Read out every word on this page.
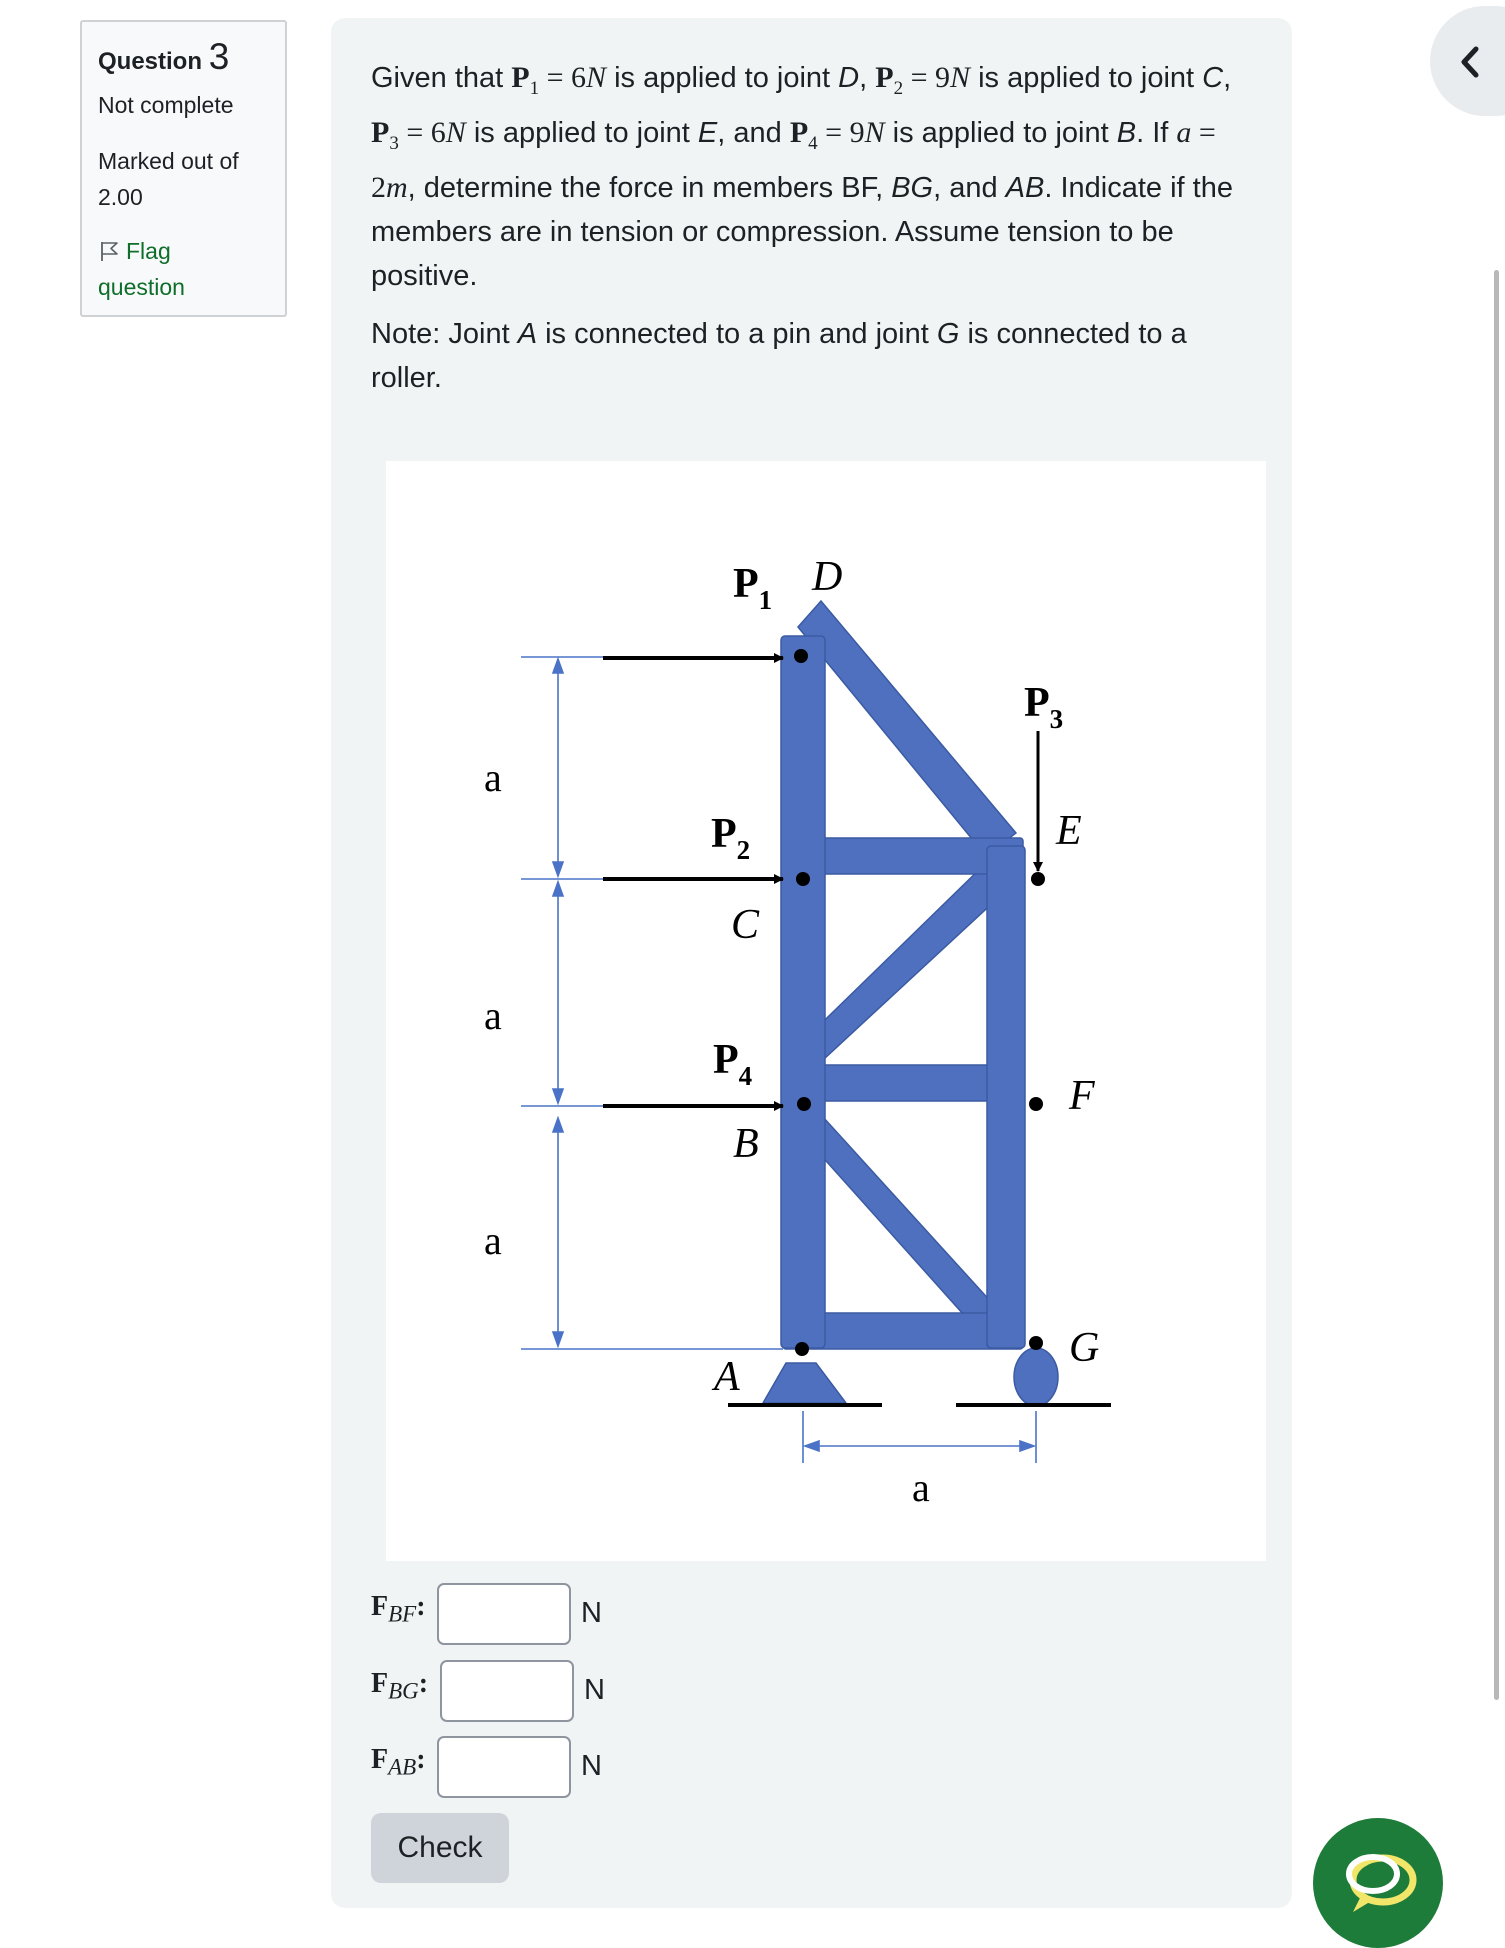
Question 3
Not complete
Marked out of
2.00
Flag
question

Given that $P_1 = 6N$ is applied to joint D, $P_2 = 9N$ is applied to joint C, $P_3 = 6N$ is applied to joint E, and $P_4 = 9N$ is applied to joint B. If a = 2m, determine the force in members BF, BG, and AB. Indicate if the members are in tension or compression. Assume tension to be positive.

Note: Joint A is connected to a pin and joint G is connected to a roller.

$P_1$ D
$P_3$
E
$P_2$
C
$P_4$
B
F
G
A
a
a
a
a
$F_{BF}$:	N
$F_{BG}$:	N
$F_{AB}$:	N
Check
